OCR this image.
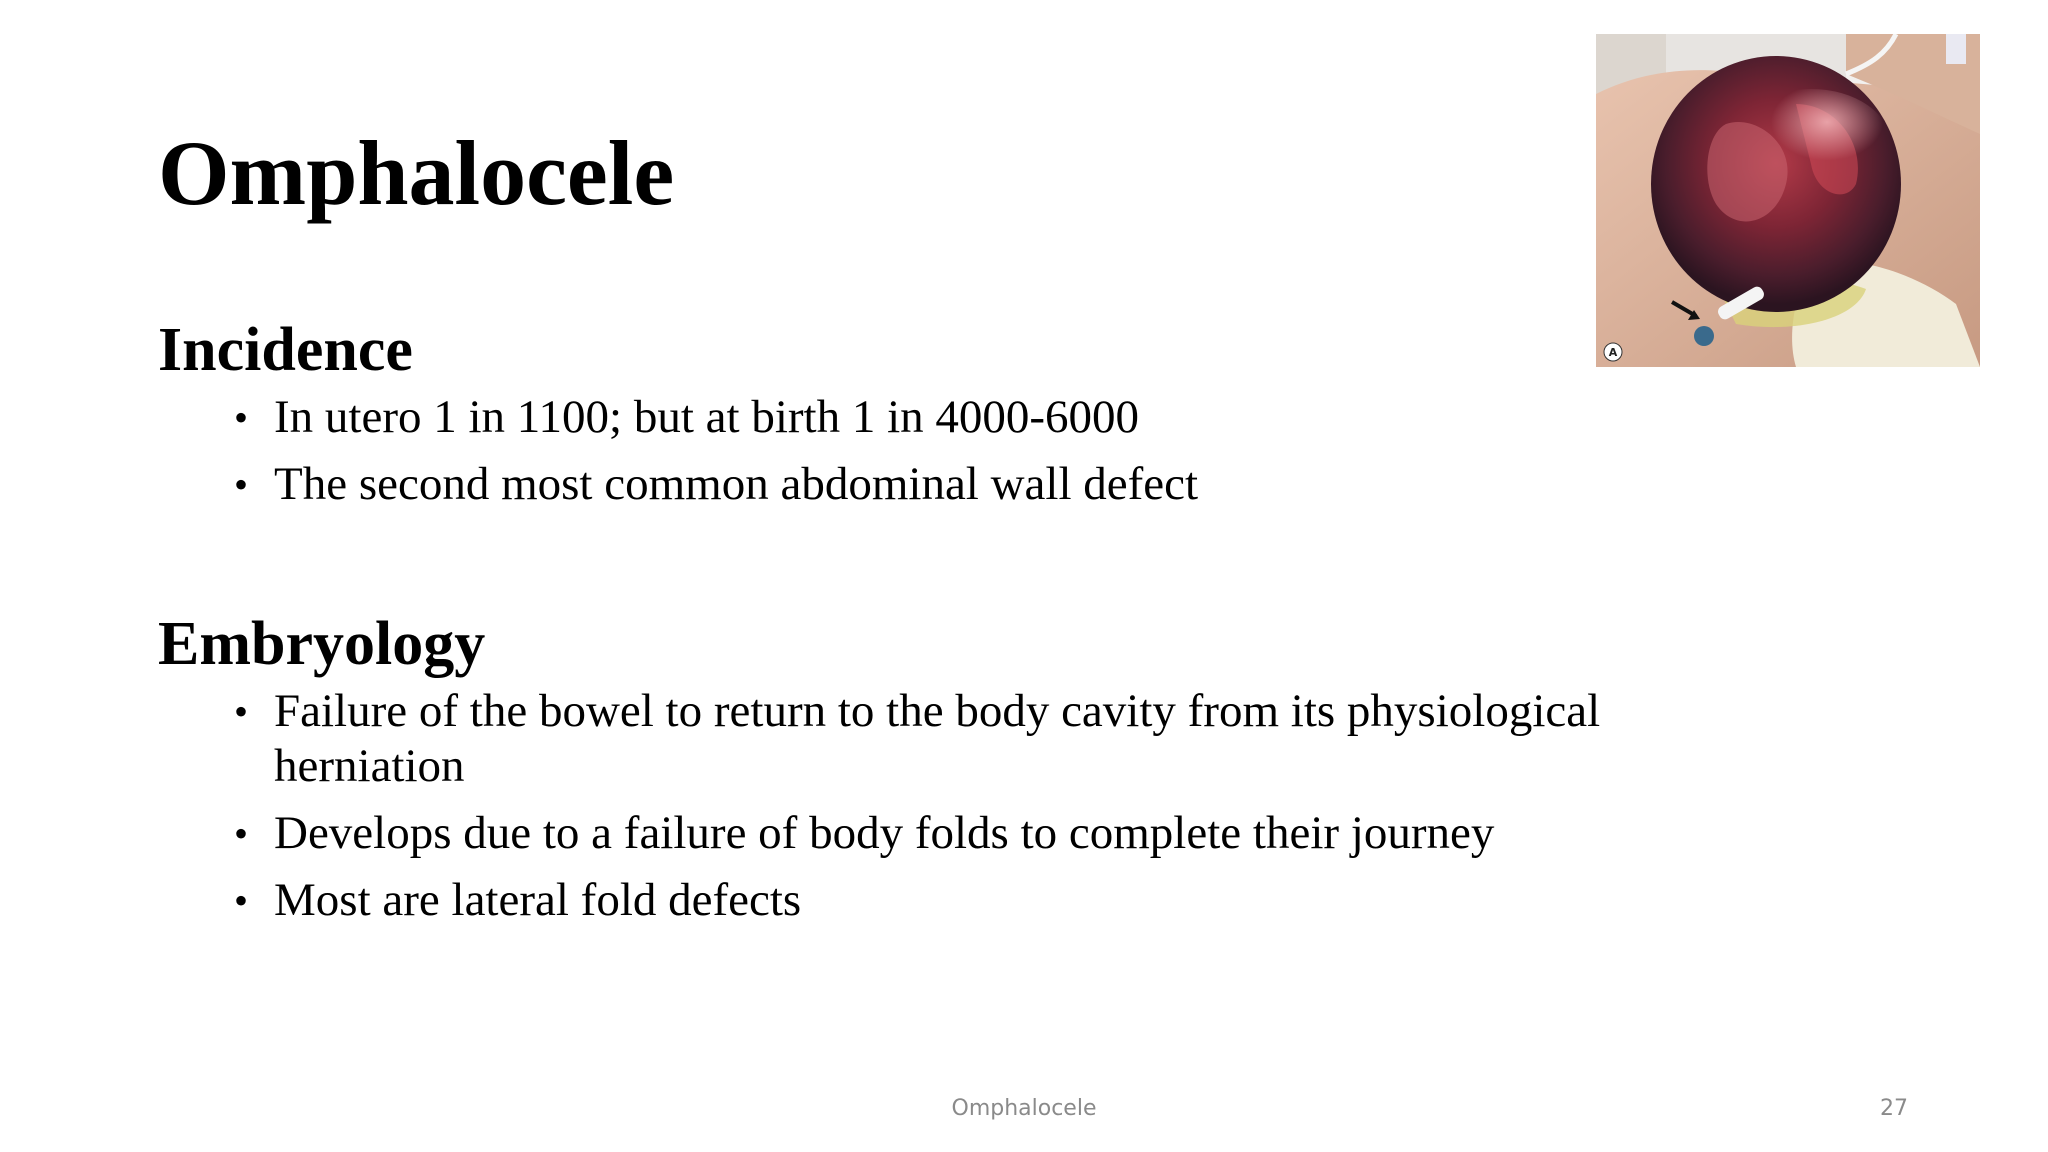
Omphalocele
Incidence
• In utero 1 in 1100; but at birth 1 in 4000-6000
• The second most common abdominal wall defect
Embryology
• Failure of the bowel to return to the body cavity from its physiological herniation
• Develops due to a failure of body folds to complete their journey
• Most are lateral fold defects
A
Omphalocele	27
